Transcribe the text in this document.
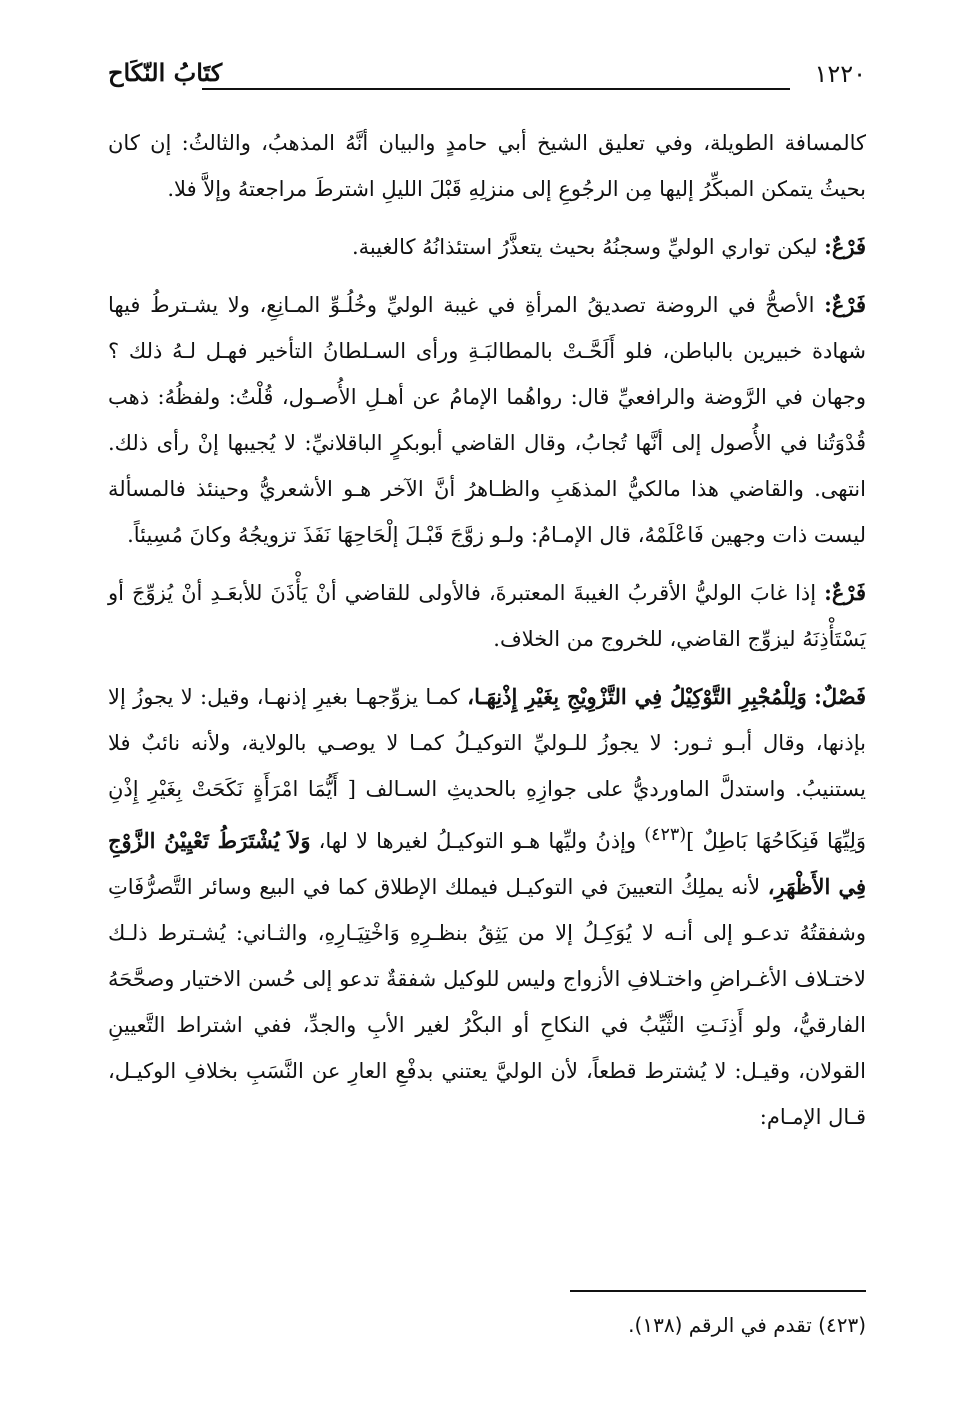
١٢٢٠
كتَابُ النّكَاح

كالمسافة الطويلة، وفي تعليق الشيخ أبي حامدٍ والبيان أنَّهُ المذهبُ، والثالثُ: إن كان بحيثُ يتمكن المبكِّرُ إليها مِن الرجُوعِ إلى منزلِهِ قَبْلَ الليلِ اشترطَ مراجعتهُ وإلاَّ فلا.

فَرْعٌ: ليكن تواري الوليِّ وسجنُهُ بحيث يتعذَّرُ استئذانُهُ كالغيبة.

فَرْعٌ: الأصحُّ في الروضة تصديقُ المرأةِ في غيبة الوليِّ وخُلُـوِّ المـانِعِ، ولا يشـترطُ فيها شهادة خبيرين بالباطن، فلو أَلَحَّـتْ بالمطالبَـةِ ورأى السـلطانُ التأخير فهـل لـهُ ذلك ؟ وجهان في الرَّوضة والرافعيِّ قال: رواهُما الإمامُ عن أهـلِ الأُصـول، قُلْتُ: ولفظُهُ: ذهب قُدْوَتُنا في الأُصول إلى أنَّها تُجابُ، وقال القاضي أبوبكرٍ الباقلانيِّ: لا يُجيبها إنْ رأى ذلك. انتهى. والقاضي هذا مالكيُّ المذهَبِ والظـاهرُ أنَّ الآخر هـو الأشعريُّ وحينئذ فالمسألة ليست ذات وجهين فَاعْلَمْهُ، قال الإمـامُ: ولـو زوَّجَ قَبْـلَ إلْحَاحِهَا نَفَذَ تزويجُهُ وكانَ مُسِيئاً.

فَرْعٌ: إذا غابَ الوليُّ الأقربُ الغيبةَ المعتبرةَ، فالأولى للقاضي أنْ يَأْذَنَ للأبعَـدِ أنْ يُزوِّجَ أو يَسْتَأْذِنَهُ ليزوِّج القاضي، للخروج من الخلاف.

فَصْلٌ: وَلِلْمُجْبِرِ التَّوْكِيْلُ فِي التَّزْوِيْجِ بِغَيْرِ إِذْنِهَـا، كمـا يزوِّجهـا بغيرِ إذنهـا، وقيل: لا يجوزُ إلا بإذنها، وقال أبـو ثـور: لا يجوزُ للـوليِّ التوكيـلُ كمـا لا يوصـي بالولاية، ولأنه نائبٌ فلا يستنيبُ. واستدلَّ الماورديُّ على جوازِهِ بالحديثِ السـالف [ أَيُّمَا امْرَأَةٍ نَكَحَتْ بِغَيْرِ إِذْنِ وَلِيِّهَا فَنِكَاحُهَا بَاطِلٌ ]$^{(٤٢٣)}$ وإذنُ وليِّها هـو التوكيـلُ لغيرها لا لها، وَلاَ يُشْتَرَطُ تَعْيِيْنُ الزَّوْجِ فِي الأَظْهَرِ، لأنه يملِكُ التعيينَ في التوكيـل فيملك الإطلاق كما في البيع وسائر التَّصرُّفَاتِ وشفقتُهُ تدعـو إلى أنـه لا يُوَكِـلُ إلا من يَثِقُ بنظـرِهِ وَاخْتِيَـارِهِ، والثـاني: يُشـترط ذلـك لاختـلاف الأغـراضِ واختـلافِ الأزواج وليس للوكيل شفقةٌ تدعو إلى حُسن الاختيار وصحَّحَهُ الفارقيُّ، ولو أَذِنَـتِ الثَّيِّبُ في النكاحِ أو البكْرُ لغير الأبِ والجدِّ، ففي اشتراط التَّعيينِ القولان، وقيـل: لا يُشترط قطعاً، لأن الوليَّ يعتني بدفْعِ العارِ عن النَّسَبِ بخلافِ الوكيـل، قـال الإمـام:

(٤٢٣) تقدم في الرقم (١٣٨).
